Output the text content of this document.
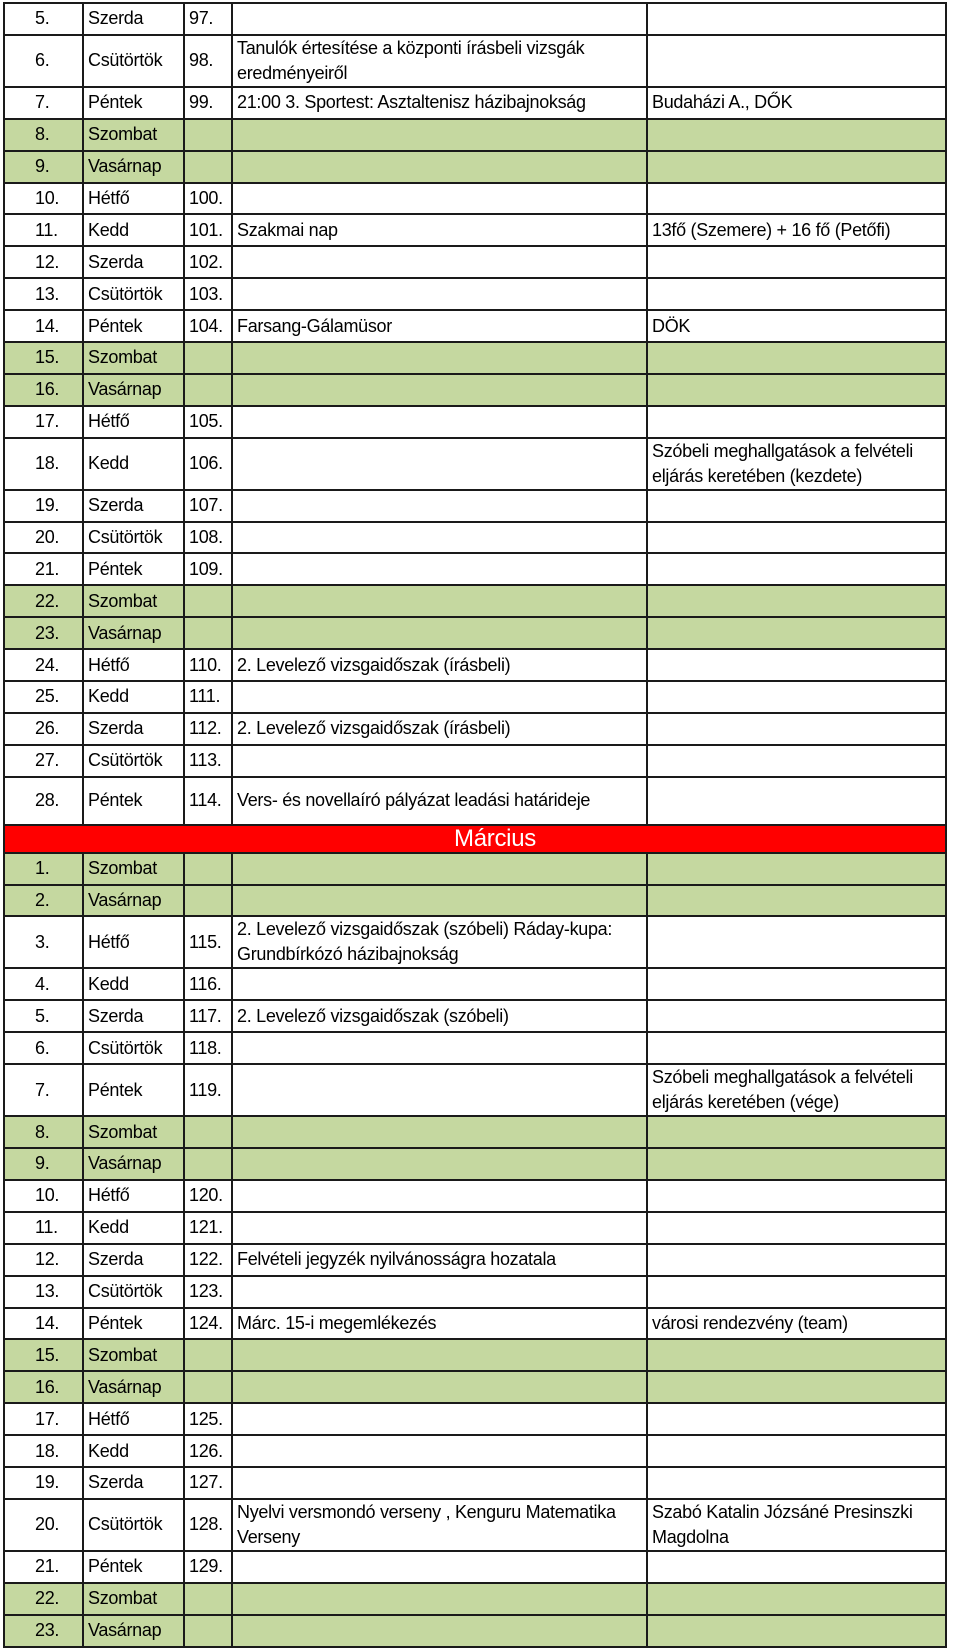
5.	Szerda	97.		
6.	Csütörtök	98.	Tanulók értesítése a központi írásbeli vizsgák eredményeiről	
7.	Péntek	99.	21:00 3. Sportest: Asztaltenisz házibajnokság	Budaházi A., DŐK
8.	Szombat			
9.	Vasárnap			
10.	Hétfő	100.		
11.	Kedd	101.	Szakmai nap	13fő (Szemere) + 16 fő (Petőfi)
12.	Szerda	102.		
13.	Csütörtök	103.		
14.	Péntek	104.	Farsang-Gálamüsor	DÖK
15.	Szombat			
16.	Vasárnap			
17.	Hétfő	105.		
18.	Kedd	106.		Szóbeli meghallgatások a felvételi eljárás keretében (kezdete)
19.	Szerda	107.		
20.	Csütörtök	108.		
21.	Péntek	109.		
22.	Szombat			
23.	Vasárnap			
24.	Hétfő	110.	2. Levelező vizsgaidőszak (írásbeli)	
25.	Kedd	111.		
26.	Szerda	112.	2. Levelező vizsgaidőszak (írásbeli)	
27.	Csütörtök	113.		
28.	Péntek	114.	Vers- és novellaíró pályázat leadási határideje	
Március				
1.	Szombat			
2.	Vasárnap			
3.	Hétfő	115.	2. Levelező vizsgaidőszak (szóbeli) Ráday-kupa: Grundbírkózó házibajnokság	
4.	Kedd	116.		
5.	Szerda	117.	2. Levelező vizsgaidőszak (szóbeli)	
6.	Csütörtök	118.		
7.	Péntek	119.		Szóbeli meghallgatások a felvételi eljárás keretében (vége)
8.	Szombat			
9.	Vasárnap			
10.	Hétfő	120.		
11.	Kedd	121.		
12.	Szerda	122.	Felvételi jegyzék nyilvánosságra hozatala	
13.	Csütörtök	123.		
14.	Péntek	124.	Márc. 15-i megemlékezés	városi rendezvény (team)
15.	Szombat			
16.	Vasárnap			
17.	Hétfő	125.		
18.	Kedd	126.		
19.	Szerda	127.		
20.	Csütörtök	128.	Nyelvi versmondó verseny , Kenguru Matematika Verseny	Szabó Katalin Józsáné Presinszki Magdolna
21.	Péntek	129.		
22.	Szombat			
23.	Vasárnap			
